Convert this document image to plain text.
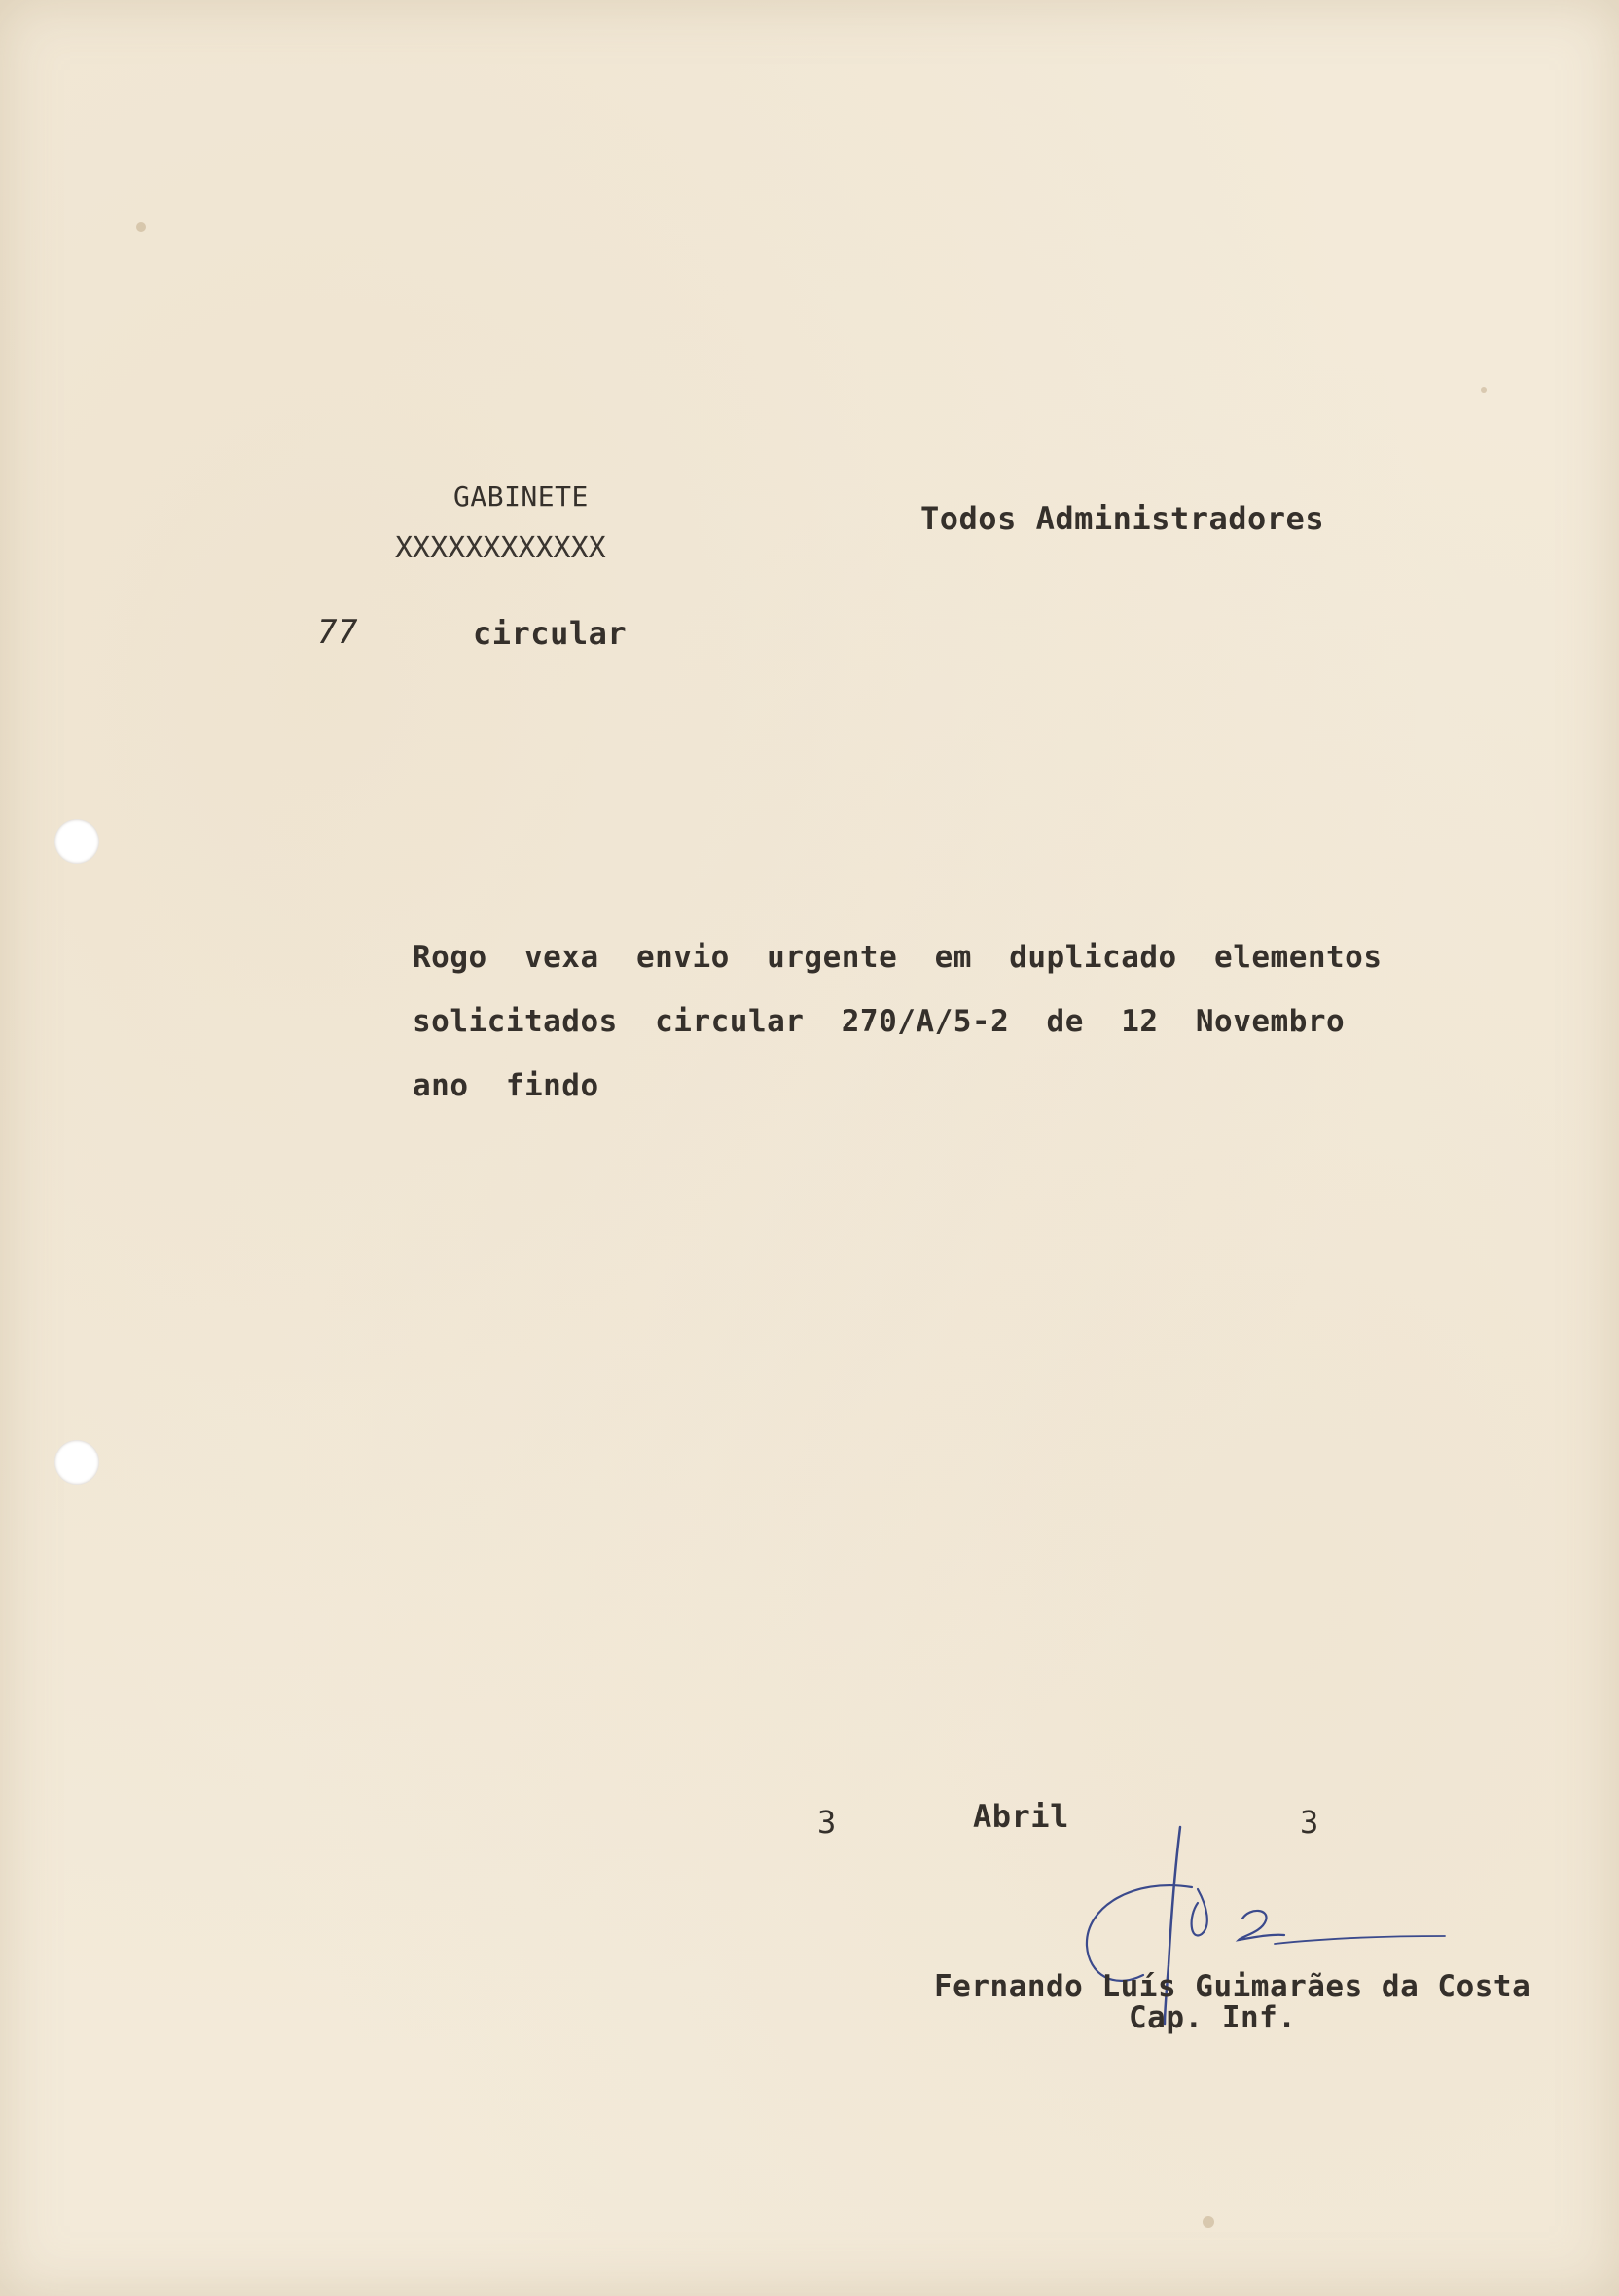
GABINETE

XXXXXXXXXXXX

Todos Administradores

77	circular

Rogo  vexa  envio  urgente  em  duplicado  elementos

solicitados  circular  270/A/5-2  de  12  Novembro

ano  findo

3	Abril	3

Fernando Luís Guimarães da Costa

Cap. Inf.
